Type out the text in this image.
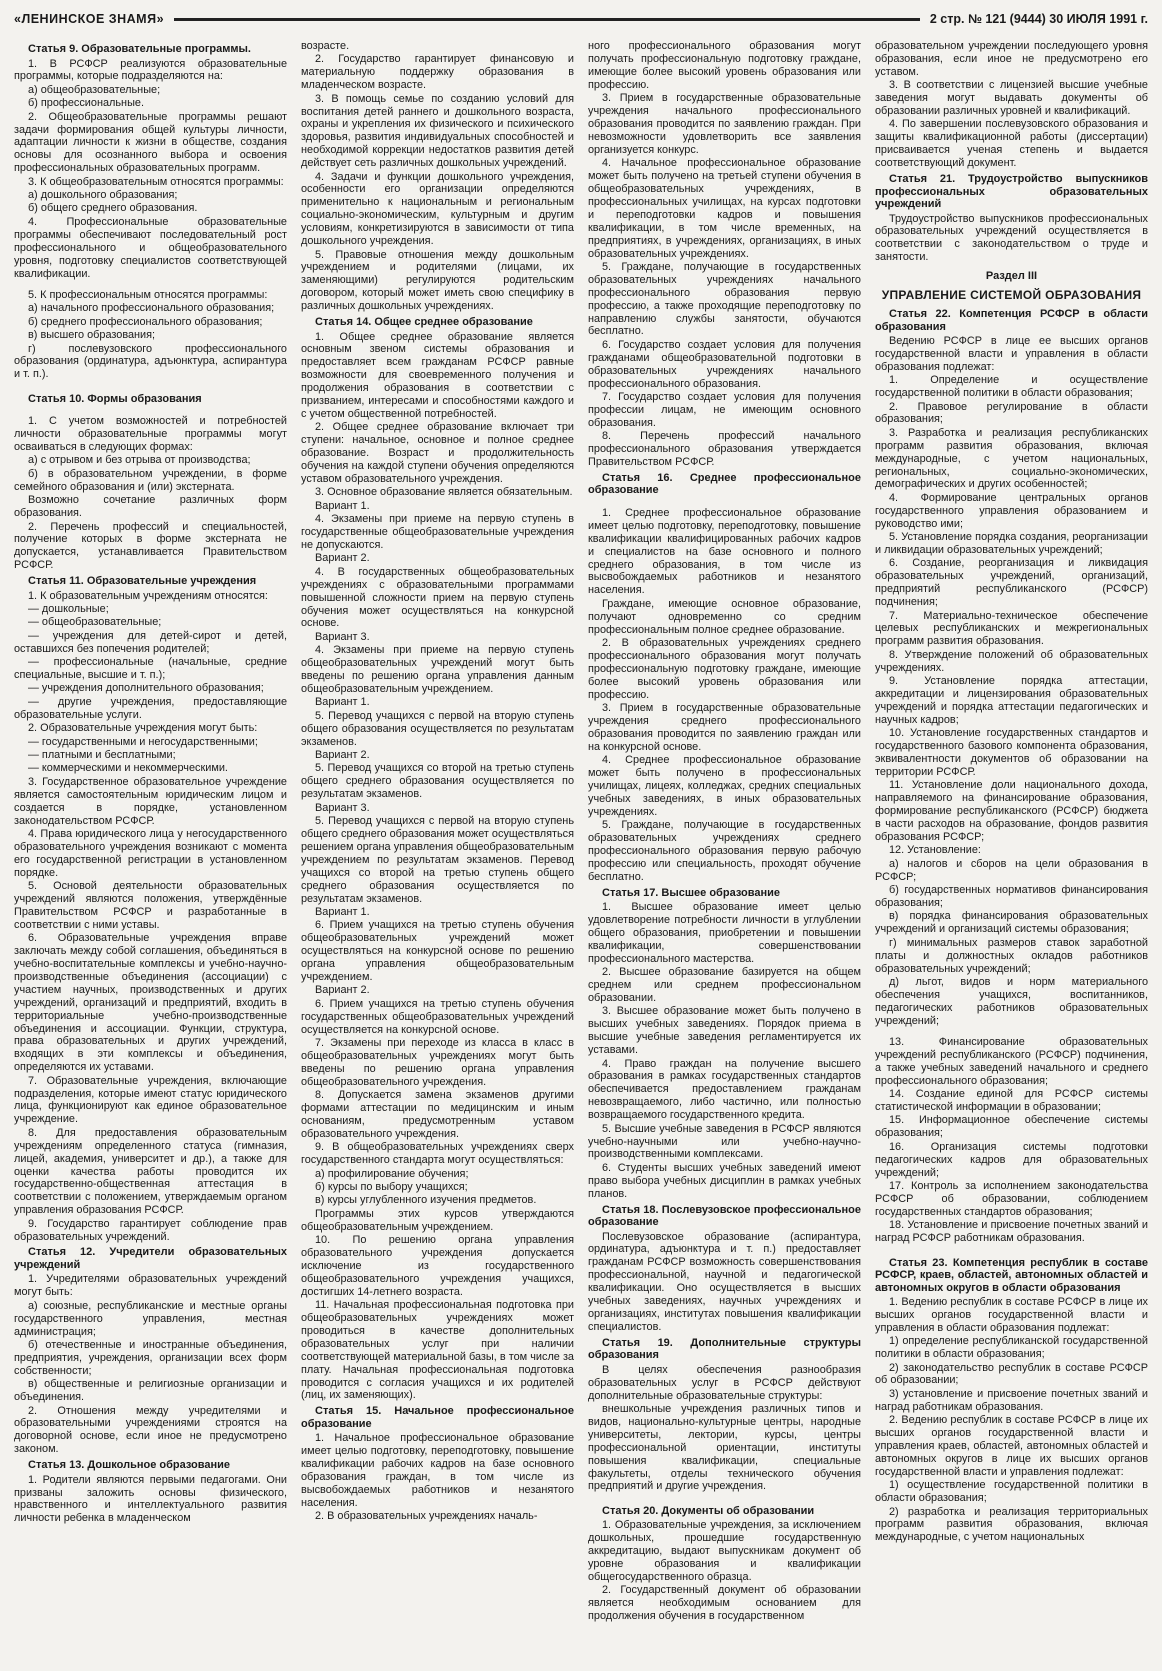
«ЛЕНИНСКОЕ ЗНАМЯ»	2 стр. № 121 (9444) 30 ИЮЛЯ 1991 г.
Статья 9. Образовательные программы.

1. В РСФСР реализуются образовательные программы, которые подразделяются на:

а) общеобразовательные;

б) профессиональные.

2. Общеобразовательные программы решают задачи формирования общей культуры личности, адаптации личности к жизни в обществе, создания основы для осознанного выбора и освоения профессиональных образовательных программ.

3. К общеобразовательным относятся программы:

а) дошкольного образования;

б) общего среднего образования.

4. Профессиональные образовательные программы обеспечивают последовательный рост профессионального и общеобразовательного уровня, подготовку специалистов соответствующей квалификации.

5. К профессиональным относятся программы:

а) начального профессионального образования;

б) среднего профессионального образования;

в) высшего образования;

г) послевузовского профессионального образования (ординатура, адъюнктура, аспирантура и т. п.).

Статья 10. Формы образования

1. С учетом возможностей и потребностей личности образовательные программы могут осваиваться в следующих формах:

а) с отрывом и без отрыва от производства;

б) в образовательном учреждении, в форме семейного образования и (или) экстерната.

Возможно сочетание различных форм образования.

2. Перечень профессий и специальностей, получение которых в форме экстерната не допускается, устанавливается Правительством РСФСР.

Статья 11. Образовательные учреждения

1. К образовательным учреждениям относятся:

— дошкольные;

— общеобразовательные;

— учреждения для детей-сирот и детей, оставшихся без попечения родителей;

— профессиональные (начальные, средние специальные, высшие и т. п.);

— учреждения дополнительного образования;

— другие учреждения, предоставляющие образовательные услуги.

2. Образовательные учреждения могут быть:

— государственными и негосударственными;

— платными и бесплатными;

— коммерческими и некоммерческими.

3. Государственное образовательное учреждение является самостоятельным юридическим лицом и создается в порядке, установленном законодательством РСФСР.

4. Права юридического лица у негосударственного образовательного учреждения возникают с момента его государственной регистрации в установленном порядке.

5. Основой деятельности образовательных учреждений являются положения, утверждённые Правительством РСФСР и разработанные в соответствии с ними уставы.

6. Образовательные учреждения вправе заключать между собой соглашения, объединяться в учебно-воспитательные комплексы и учебно-научно-производственные объединения (ассоциации) с участием научных, производственных и других учреждений, организаций и предприятий, входить в территориальные учебно-производственные объединения и ассоциации. Функции, структура, права образовательных и других учреждений, входящих в эти комплексы и объединения, определяются их уставами.

7. Образовательные учреждения, включающие подразделения, которые имеют статус юридического лица, функционируют как единое образовательное учреждение.

8. Для предоставления образовательным учреждениям определенного статуса (гимназия, лицей, академия, университет и др.), а также для оценки качества работы проводится их государственно-общественная аттестация в соответствии с положением, утверждаемым органом управления образования РСФСР.

9. Государство гарантирует соблюдение прав образовательных учреждений.

Статья 12. Учредители образовательных учреждений

1. Учредителями образовательных учреждений могут быть:

а) союзные, республиканские и местные органы государственного управления, местная администрация;

б) отечественные и иностранные объединения, предприятия, учреждения, организации всех форм собственности;

в) общественные и религиозные организации и объединения.

2. Отношения между учредителями и образовательными учреждениями строятся на договорной основе, если иное не предусмотрено законом.

Статья 13. Дошкольное образование

1. Родители являются первыми педагогами. Они призваны заложить основы физического, нравственного и интеллектуального развития личности ребенка в младенческом

возрасте.

2. Государство гарантирует финансовую и материальную поддержку образования в младенческом возрасте.

3. В помощь семье по созданию условий для воспитания детей раннего и дошкольного возраста, охраны и укрепления их физического и психического здоровья, развития индивидуальных способностей и необходимой коррекции недостатков развития детей действует сеть различных дошкольных учреждений.

4. Задачи и функции дошкольного учреждения, особенности его организации определяются применительно к национальным и региональным социально-экономическим, культурным и другим условиям, конкретизируются в зависимости от типа дошкольного учреждения.

5. Правовые отношения между дошкольным учреждением и родителями (лицами, их заменяющими) регулируются родительским договором, который может иметь свою специфику в различных дошкольных учреждениях.

Статья 14. Общее среднее образование

1. Общее среднее образование является основным звеном системы образования и предоставляет всем гражданам РСФСР равные возможности для своевременного получения и продолжения образования в соответствии с призванием, интересами и способностями каждого и с учетом общественной потребностей.

2. Общее среднее образование включает три ступени: начальное, основное и полное среднее образование. Возраст и продолжительность обучения на каждой ступени обучения определяются уставом образовательного учреждения.

3. Основное образование является обязательным.

Вариант 1.

4. Экзамены при приеме на первую ступень в государственные общеобразовательные учреждения не допускаются.

Вариант 2.

4. В государственных общеобразовательных учреждениях с образовательными программами повышенной сложности прием на первую ступень обучения может осуществляться на конкурсной основе.

Вариант 3.

4. Экзамены при приеме на первую ступень общеобразовательных учреждений могут быть введены по решению органа управления данным общеобразовательным учреждением.

Вариант 1.

5. Перевод учащихся с первой на вторую ступень общего образования осуществляется по результатам экзаменов.

Вариант 2.

5. Перевод учащихся со второй на третью ступень общего среднего образования осуществляется по результатам экзаменов.

Вариант 3.

5. Перевод учащихся с первой на вторую ступень общего среднего образования может осуществляться решением органа управления общеобразовательным учреждением по результатам экзаменов. Перевод учащихся со второй на третью ступень общего среднего образования осуществляется по результатам экзаменов.

Вариант 1.

6. Прием учащихся на третью ступень обучения общеобразовательных учреждений может осуществляться на конкурсной основе по решению органа управления общеобразовательным учреждением.

Вариант 2.

6. Прием учащихся на третью ступень обучения государственных общеобразовательных учреждений осуществляется на конкурсной основе.

7. Экзамены при переходе из класса в класс в общеобразовательных учреждениях могут быть введены по решению органа управления общеобразовательного учреждения.

8. Допускается замена экзаменов другими формами аттестации по медицинским и иным основаниям, предусмотренным уставом образовательного учреждения.

9. В общеобразовательных учреждениях сверх государственного стандарта могут осуществляться:

а) профилирование обучения;

б) курсы по выбору учащихся;

в) курсы углубленного изучения предметов.

Программы этих курсов утверждаются общеобразовательным учреждением.

10. По решению органа управления образовательного учреждения допускается исключение из государственного общеобразовательного учреждения учащихся, достигших 14-летнего возраста.

11. Начальная профессиональная подготовка при общеобразовательных учреждениях может проводиться в качестве дополнительных образовательных услуг при наличии соответствующей материальной базы, в том числе за плату. Начальная профессиональная подготовка проводится с согласия учащихся и их родителей (лиц, их заменяющих).

Статья 15. Начальное профессиональное образование

1. Начальное профессиональное образование имеет целью подготовку, переподготовку, повышение квалификации рабочих кадров на базе основного образования граждан, в том числе из высвобождаемых работников и незанятого населения.

2. В образовательных учреждениях началь-

ного профессионального образования могут получать профессиональную подготовку граждане, имеющие более высокий уровень образования или профессию.

3. Прием в государственные образовательные учреждения начального профессионального образования проводится по заявлению граждан. При невозможности удовлетворить все заявления организуется конкурс.

4. Начальное профессиональное образование может быть получено на третьей ступени обучения в общеобразовательных учреждениях, в профессиональных училищах, на курсах подготовки и переподготовки кадров и повышения квалификации, в том числе временных, на предприятиях, в учреждениях, организациях, в иных образовательных учреждениях.

5. Граждане, получающие в государственных образовательных учреждениях начального профессионального образования первую профессию, а также проходящие переподготовку по направлению службы занятости, обучаются бесплатно.

6. Государство создает условия для получения гражданами общеобразовательной подготовки в образовательных учреждениях начального профессионального образования.

7. Государство создает условия для получения профессии лицам, не имеющим основного образования.

8. Перечень профессий начального профессионального образования утверждается Правительством РСФСР.

Статья 16. Среднее профессиональное образование

1. Среднее профессиональное образование имеет целью подготовку, переподготовку, повышение квалификации квалифицированных рабочих кадров и специалистов на базе основного и полного среднего образования, в том числе из высвобождаемых работников и незанятого населения.

Граждане, имеющие основное образование, получают одновременно со средним профессиональным полное среднее образование.

2. В образовательных учреждениях среднего профессионального образования могут получать профессиональную подготовку граждане, имеющие более высокий уровень образования или профессию.

3. Прием в государственные образовательные учреждения среднего профессионального образования проводится по заявлению граждан или на конкурсной основе.

4. Среднее профессиональное образование может быть получено в профессиональных училищах, лицеях, колледжах, средних специальных учебных заведениях, в иных образовательных учреждениях.

5. Граждане, получающие в государственных образовательных учреждениях среднего профессионального образования первую рабочую профессию или специальность, проходят обучение бесплатно.

Статья 17. Высшее образование

1. Высшее образование имеет целью удовлетворение потребности личности в углублении общего образования, приобретении и повышении квалификации, совершенствовании профессионального мастерства.

2. Высшее образование базируется на общем среднем или среднем профессиональном образовании.

3. Высшее образование может быть получено в высших учебных заведениях. Порядок приема в высшие учебные заведения регламентируется их уставами.

4. Право граждан на получение высшего образования в рамках государственных стандартов обеспечивается предоставлением гражданам невозвращаемого, либо частично, или полностью возвращаемого государственного кредита.

5. Высшие учебные заведения в РСФСР являются учебно-научными или учебно-научно-производственными комплексами.

6. Студенты высших учебных заведений имеют право выбора учебных дисциплин в рамках учебных планов.

Статья 18. Послевузовское профессиональное образование

Послевузовское образование (аспирантура, ординатура, адъюнктура и т. п.) предоставляет гражданам РСФСР возможность совершенствования профессиональной, научной и педагогической квалификации. Оно осуществляется в высших учебных заведениях, научных учреждениях и организациях, институтах повышения квалификации специалистов.

Статья 19. Дополнительные структуры образования

В целях обеспечения разнообразия образовательных услуг в РСФСР действуют дополнительные образовательные структуры:

внешкольные учреждения различных типов и видов, национально-культурные центры, народные университеты, лектории, курсы, центры профессиональной ориентации, институты повышения квалификации, специальные факультеты, отделы технического обучения предприятий и другие учреждения.

Статья 20. Документы об образовании

1. Образовательные учреждения, за исключением дошкольных, прошедшие государственную аккредитацию, выдают выпускникам документ об уровне образования и квалификации общегосударственного образца.

2. Государственный документ об образовании является необходимым основанием для продолжения обучения в государственном

образовательном учреждении последующего уровня образования, если иное не предусмотрено его уставом.

3. В соответствии с лицензией высшие учебные заведения могут выдавать документы об образовании различных уровней и квалификаций.

4. По завершении послевузовского образования и защиты квалификационной работы (диссертации) присваивается ученая степень и выдается соответствующий документ.

Статья 21. Трудоустройство выпускников профессиональных образовательных учреждений

Трудоустройство выпускников профессиональных образовательных учреждений осуществляется в соответствии с законодательством о труде и занятости.

Раздел III
УПРАВЛЕНИЕ СИСТЕМОЙ ОБРАЗОВАНИЯ
Статья 22. Компетенция РСФСР в области образования

Ведению РСФСР в лице ее высших органов государственной власти и управления в области образования подлежат:

1. Определение и осуществление государственной политики в области образования;

2. Правовое регулирование в области образования;

3. Разработка и реализация республиканских программ развития образования, включая международные, с учетом национальных, региональных, социально-экономических, демографических и других особенностей;

4. Формирование центральных органов государственного управления образованием и руководство ими;

5. Установление порядка создания, реорганизации и ликвидации образовательных учреждений;

6. Создание, реорганизация и ликвидация образовательных учреждений, организаций, предприятий республиканского (РСФСР) подчинения;

7. Материально-техническое обеспечение целевых республиканских и межрегиональных программ развития образования.

8. Утверждение положений об образовательных учреждениях.

9. Установление порядка аттестации, аккредитации и лицензирования образовательных учреждений и порядка аттестации педагогических и научных кадров;

10. Установление государственных стандартов и государственного базового компонента образования, эквивалентности документов об образовании на территории РСФСР.

11. Установление доли национального дохода, направляемого на финансирование образования, формирование республиканского (РСФСР) бюджета в части расходов на образование, фондов развития образования РСФСР;

12. Установление:

а) налогов и сборов на цели образования в РСФСР;

б) государственных нормативов финансирования образования;

в) порядка финансирования образовательных учреждений и организаций системы образования;

г) минимальных размеров ставок заработной платы и должностных окладов работников образовательных учреждений;

д) льгот, видов и норм материального обеспечения учащихся, воспитанников, педагогических работников образовательных учреждений;

13. Финансирование образовательных учреждений республиканского (РСФСР) подчинения, а также учебных заведений начального и среднего профессионального образования;

14. Создание единой для РСФСР системы статистической информации в образовании;

15. Информационное обеспечение системы образования;

16. Организация системы подготовки педагогических кадров для образовательных учреждений;

17. Контроль за исполнением законодательства РСФСР об образовании, соблюдением государственных стандартов образования;

18. Установление и присвоение почетных званий и наград РСФСР работникам образования.

Статья 23. Компетенция республик в составе РСФСР, краев, областей, автономных областей и автономных округов в области образования

1. Ведению республик в составе РСФСР в лице их высших органов государственной власти и управления в области образования подлежат:

1) определение республиканской государственной политики в области образования;

2) законодательство республик в составе РСФСР об образовании;

3) установление и присвоение почетных званий и наград работникам образования.

2. Ведению республик в составе РСФСР в лице их высших органов государственной власти и управления краев, областей, автономных областей и автономных округов в лице их высших органов государственной власти и управления подлежат:

1) осуществление государственной политики в области образования;

2) разработка и реализация территориальных программ развития образования, включая международные, с учетом национальных
